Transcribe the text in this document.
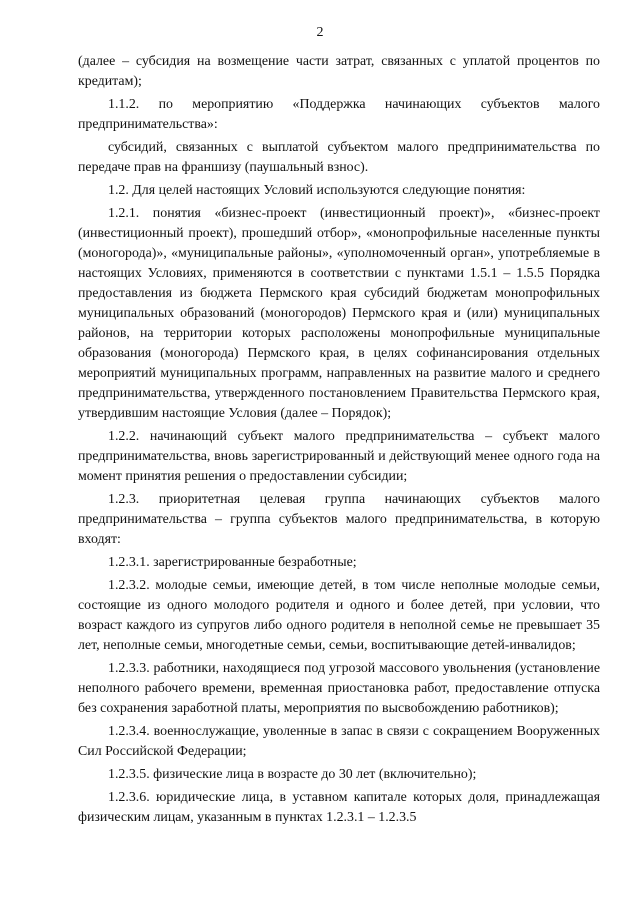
2

(далее – субсидия на возмещение части затрат, связанных с уплатой процентов по кредитам);

1.1.2. по мероприятию «Поддержка начинающих субъектов малого предпринимательства»:

субсидий, связанных с выплатой субъектом малого предпринимательства по передаче прав на франшизу (паушальный взнос).

1.2. Для целей настоящих Условий используются следующие понятия:

1.2.1. понятия «бизнес-проект (инвестиционный проект)», «бизнес-проект (инвестиционный проект), прошедший отбор», «монопрофильные населенные пункты (моногорода)», «муниципальные районы», «уполномоченный орган», употребляемые в настоящих Условиях, применяются в соответствии с пунктами 1.5.1 – 1.5.5 Порядка предоставления из бюджета Пермского края субсидий бюджетам монопрофильных муниципальных образований (моногородов) Пермского края и (или) муниципальных районов, на территории которых расположены монопрофильные муниципальные образования (моногорода) Пермского края, в целях софинансирования отдельных мероприятий муниципальных программ, направленных на развитие малого и среднего предпринимательства, утвержденного постановлением Правительства Пермского края, утвердившим настоящие Условия (далее – Порядок);

1.2.2. начинающий субъект малого предпринимательства – субъект малого предпринимательства, вновь зарегистрированный и действующий менее одного года на момент принятия решения о предоставлении субсидии;

1.2.3. приоритетная целевая группа начинающих субъектов малого предпринимательства – группа субъектов малого предпринимательства, в которую входят:

1.2.3.1. зарегистрированные безработные;

1.2.3.2. молодые семьи, имеющие детей, в том числе неполные молодые семьи, состоящие из одного молодого родителя и одного и более детей, при условии, что возраст каждого из супругов либо одного родителя в неполной семье не превышает 35 лет, неполные семьи, многодетные семьи, семьи, воспитывающие детей-инвалидов;

1.2.3.3. работники, находящиеся под угрозой массового увольнения (установление неполного рабочего времени, временная приостановка работ, предоставление отпуска без сохранения заработной платы, мероприятия по высвобождению работников);

1.2.3.4. военнослужащие, уволенные в запас в связи с сокращением Вооруженных Сил Российской Федерации;

1.2.3.5. физические лица в возрасте до 30 лет (включительно);

1.2.3.6. юридические лица, в уставном капитале которых доля, принадлежащая физическим лицам, указанным в пунктах 1.2.3.1 – 1.2.3.5
